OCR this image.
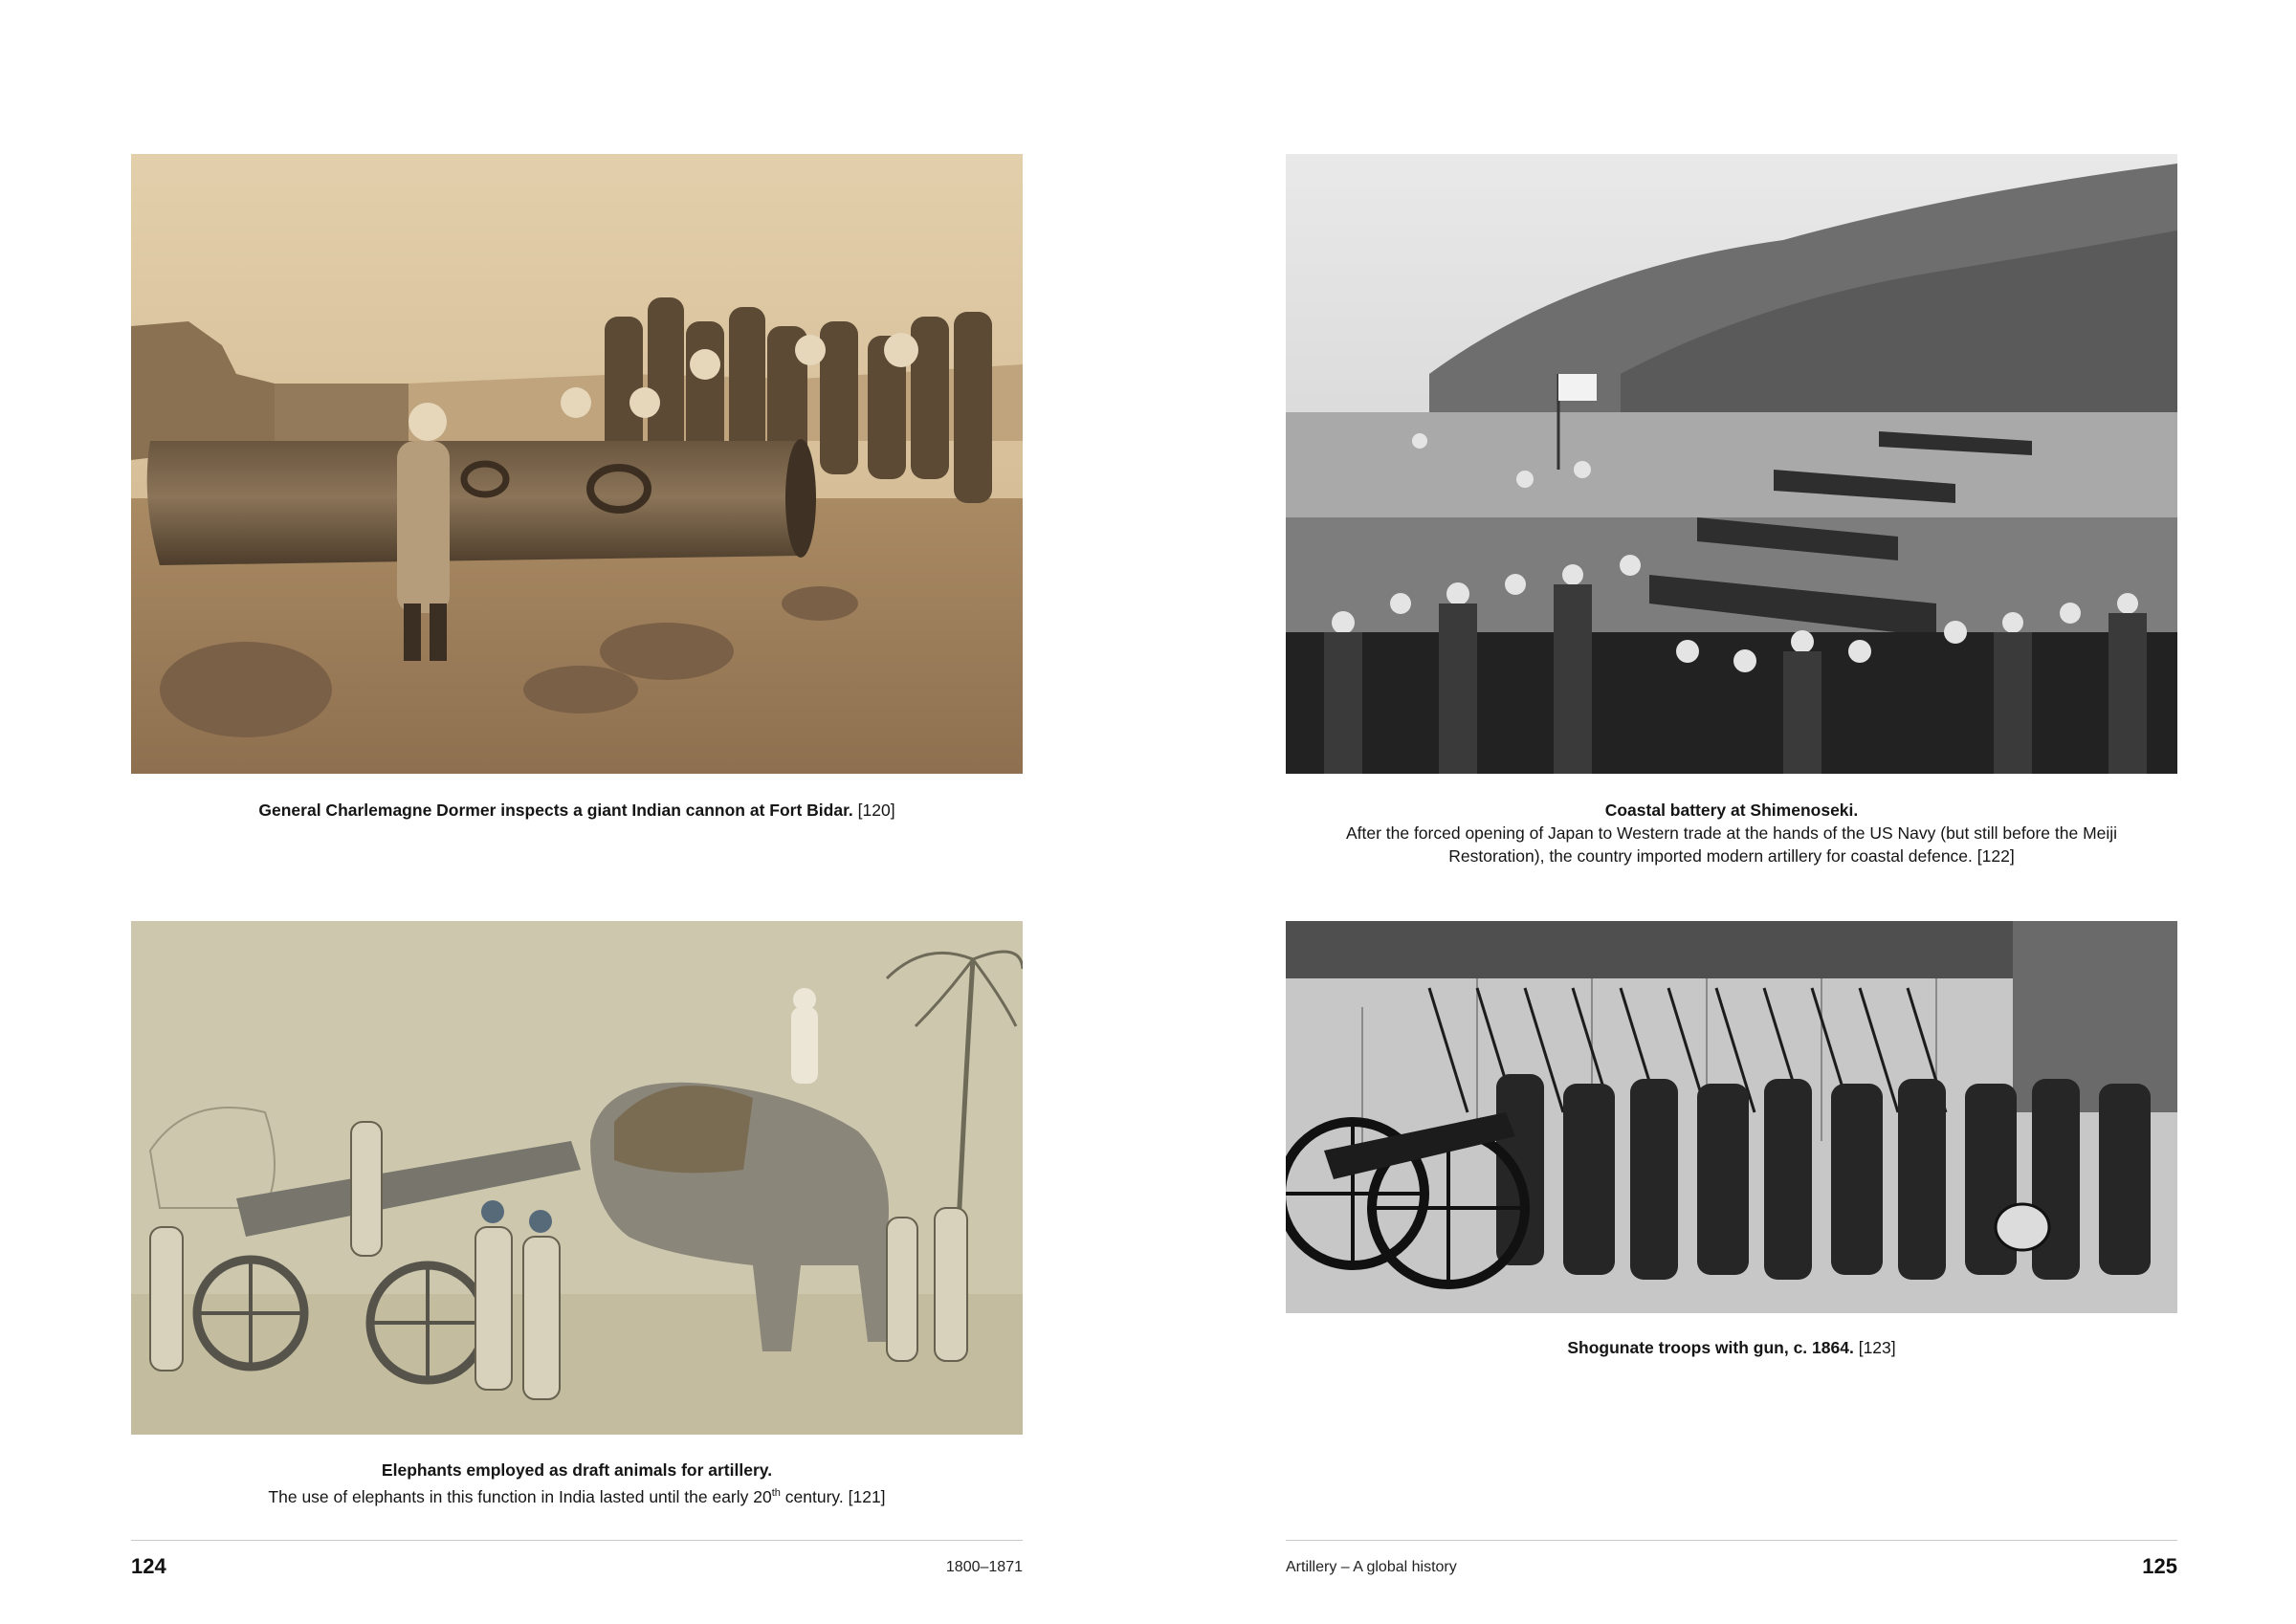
General Charlemagne Dormer inspects a giant Indian cannon at Fort Bidar. [120]
Elephants employed as draft animals for artillery.
The use of elephants in this function in India lasted until the early 20th century. [121]
124	1800–1871
Coastal battery at Shimenoseki.
After the forced opening of Japan to Western trade at the hands of the US Navy (but still before the Meiji
Restoration), the country imported modern artillery for coastal defence. [122]
Shogunate troops with gun, c. 1864. [123]
Artillery – A global history	125
